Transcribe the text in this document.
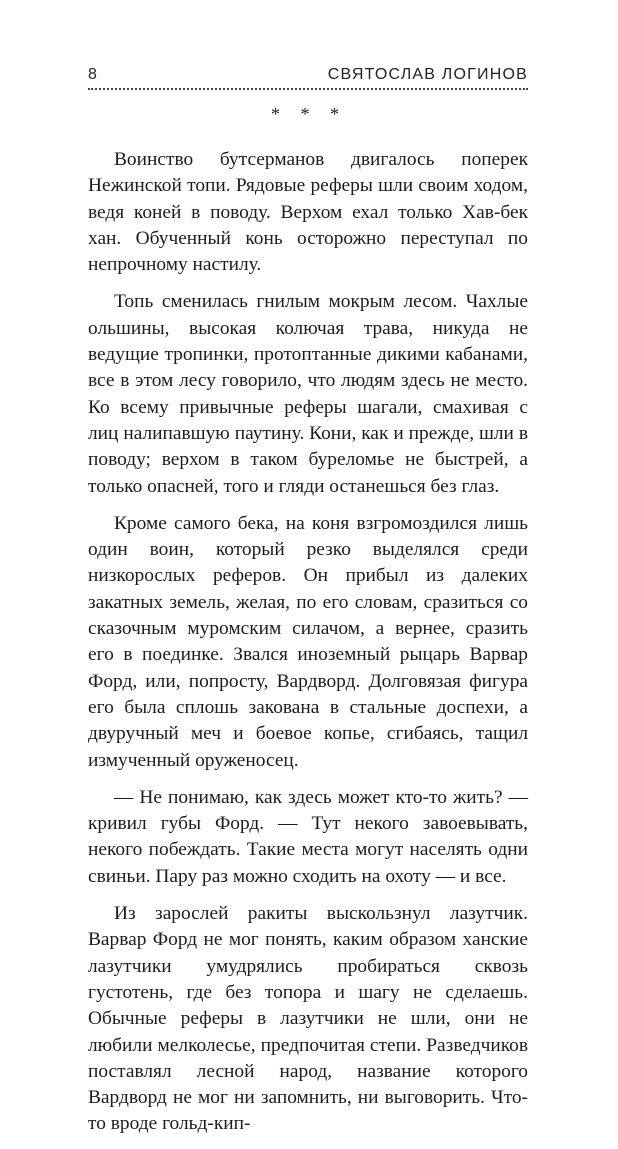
8	СВЯТОСЛАВ ЛОГИНОВ
* * *

Воинство бутсерманов двигалось поперек Нежинской топи. Рядовые реферы шли своим ходом, ведя коней в поводу. Верхом ехал только Хав-бек хан. Обученный конь осторожно переступал по непрочному настилу.

Топь сменилась гнилым мокрым лесом. Чахлые ольшины, высокая колючая трава, никуда не ведущие тропинки, протоптанные дикими кабанами, все в этом лесу говорило, что людям здесь не место. Ко всему привычные реферы шагали, смахивая с лиц налипавшую паутину. Кони, как и прежде, шли в поводу; верхом в таком буреломье не быстрей, а только опасней, того и гляди останешься без глаз.

Кроме самого бека, на коня взгромоздился лишь один воин, который резко выделялся среди низкорослых реферов. Он прибыл из далеких закатных земель, желая, по его словам, сразиться со сказочным муромским силачом, а вернее, сразить его в поединке. Звался иноземный рыцарь Варвар Форд, или, попросту, Вардворд. Долговязая фигура его была сплошь закована в стальные доспехи, а двуручный меч и боевое копье, сгибаясь, тащил измученный оруженосец.

— Не понимаю, как здесь может кто-то жить? — кривил губы Форд. — Тут некого завоевывать, некого побеждать. Такие места могут населять одни свиньи. Пару раз можно сходить на охоту — и все.

Из зарослей ракиты выскользнул лазутчик. Варвар Форд не мог понять, каким образом ханские лазутчики умудрялись пробираться сквозь густотень, где без топора и шагу не сделаешь. Обычные реферы в лазутчики не шли, они не любили мелколесье, предпочитая степи. Разведчиков поставлял лесной народ, название которого Вардворд не мог ни запомнить, ни выговорить. Что-то вроде гольд-кип-
